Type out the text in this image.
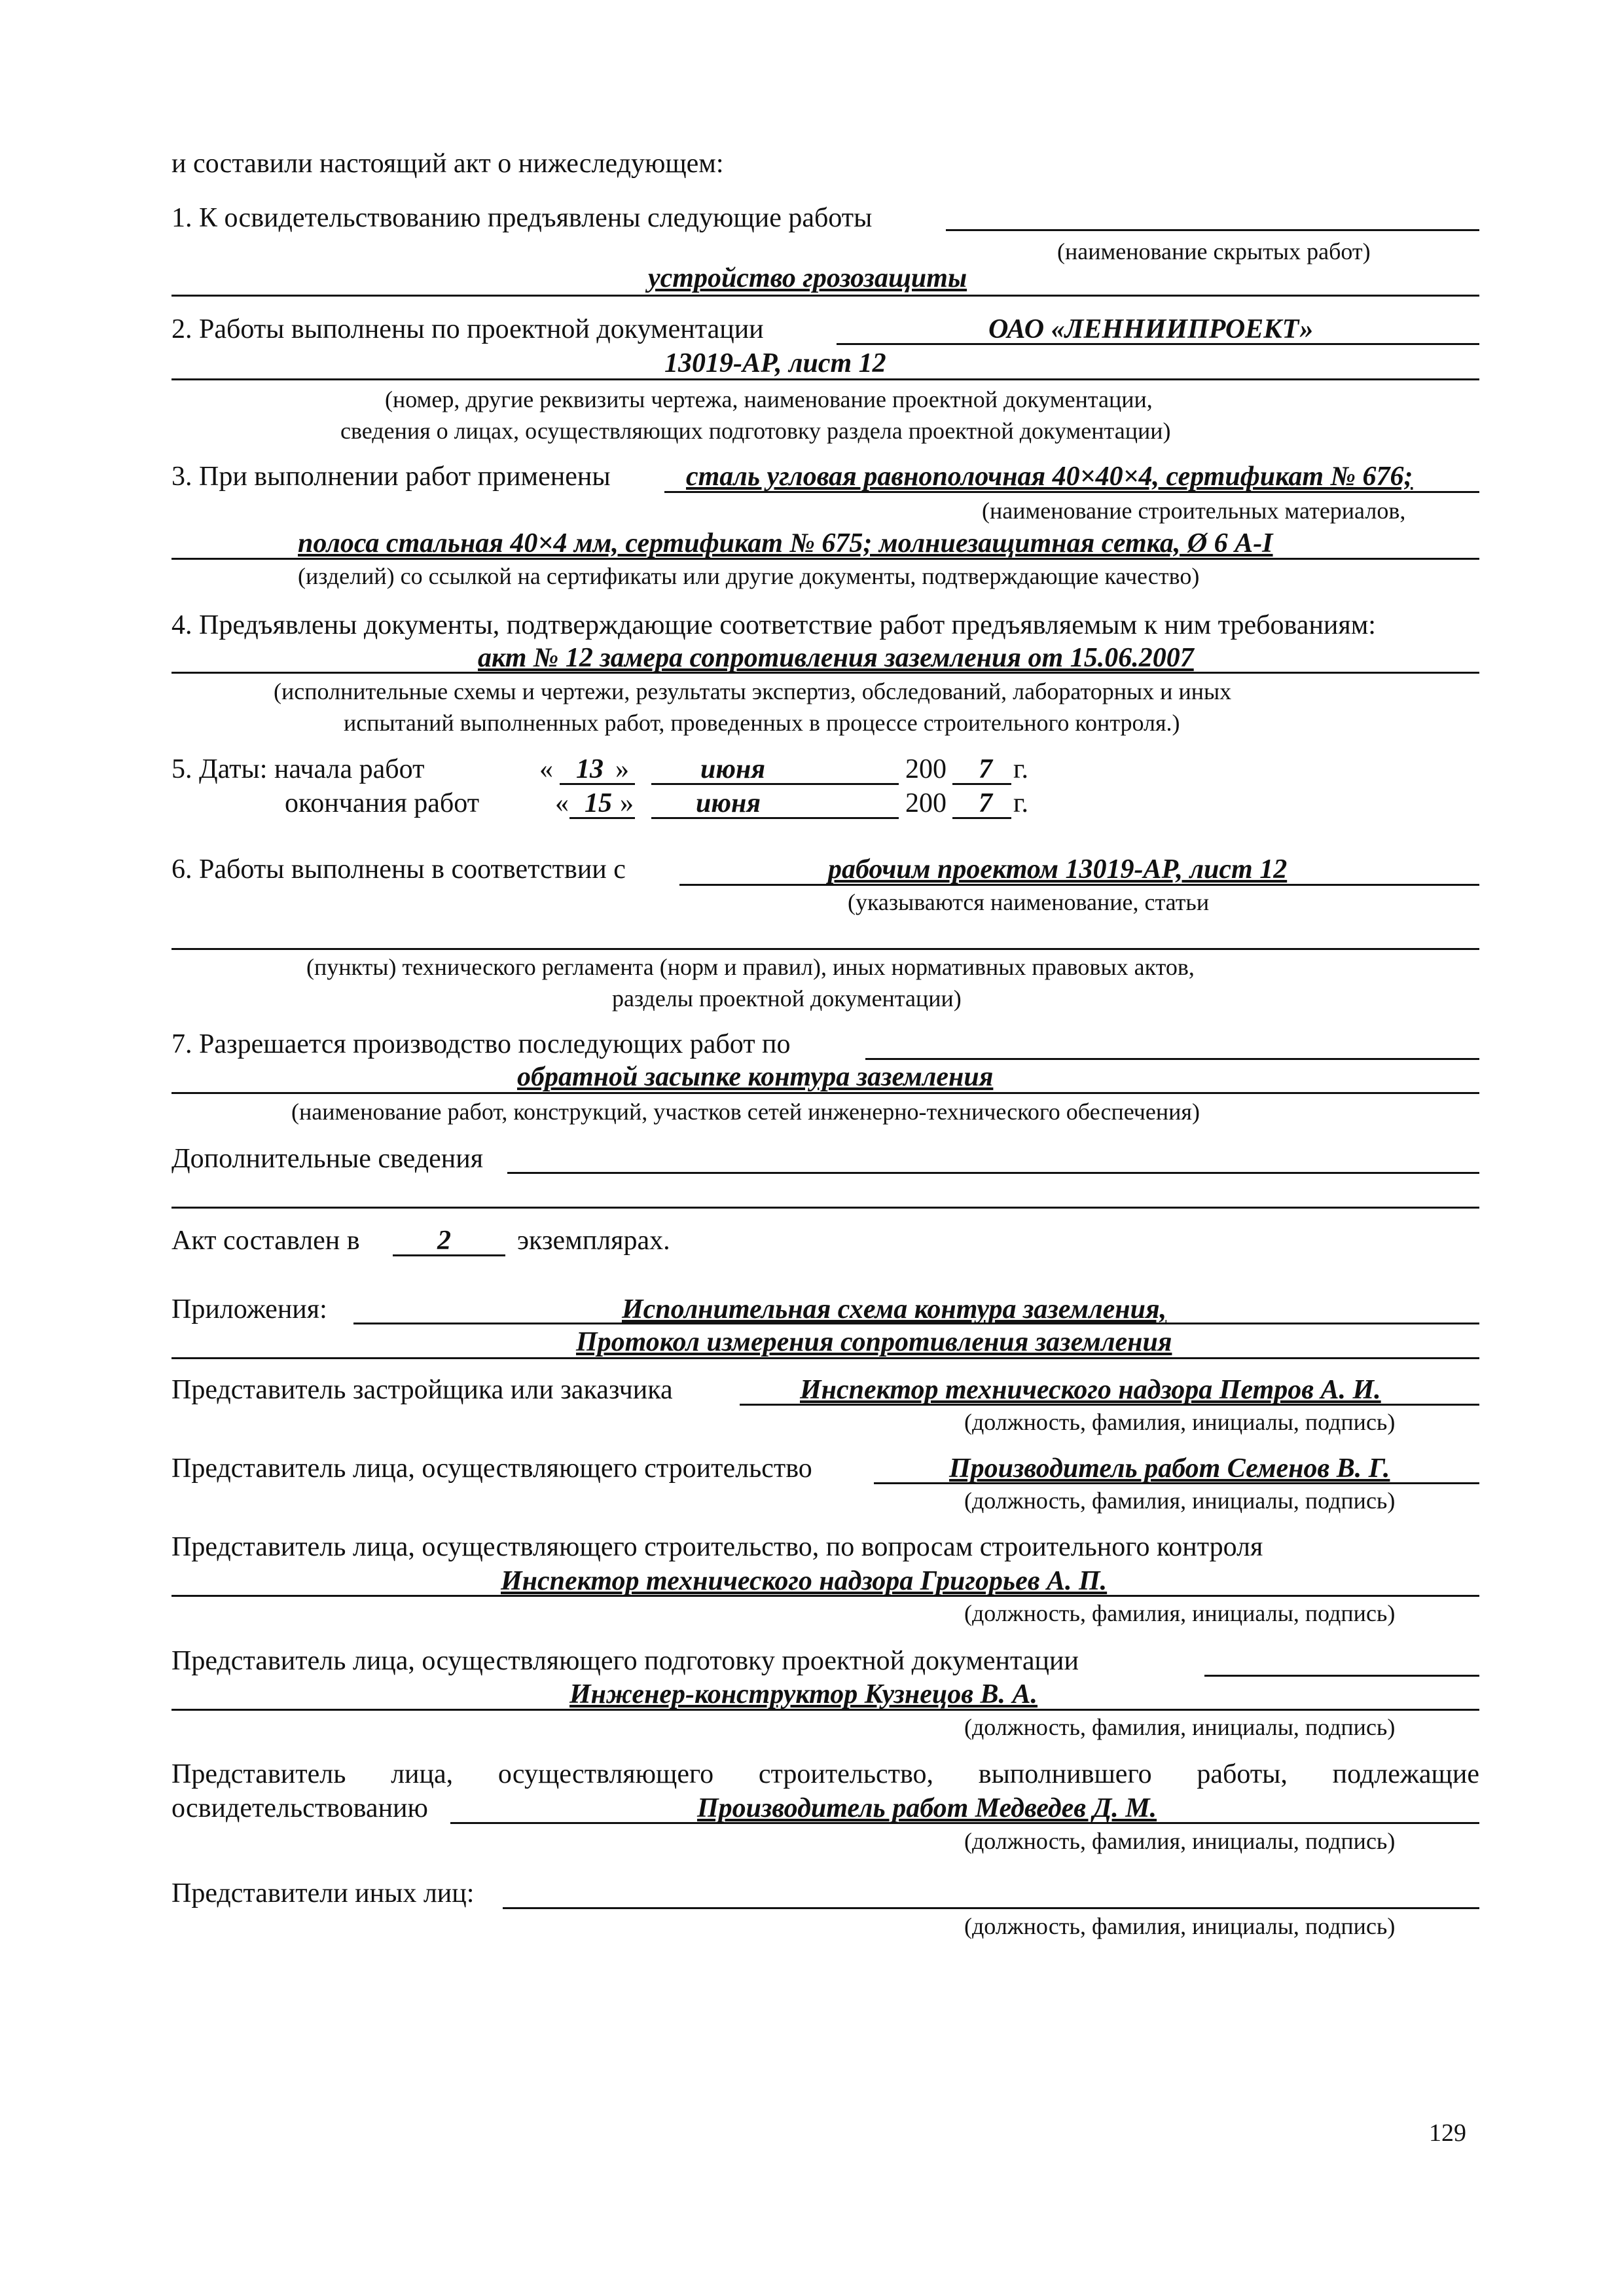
и составили настоящий акт о нижеследующем:
1. К освидетельствованию предъявлены следующие работы
(наименование скрытых работ)
устройство грозозащиты
2. Работы выполнены по проектной документации	ОАО «ЛЕННИИПРОЕКТ»
13019-АР, лист 12
(номер, другие реквизиты чертежа, наименование проектной документации,
сведения о лицах, осуществляющих подготовку раздела проектной документации)
3. При выполнении работ применены	сталь угловая равнополочная 40×40×4, сертификат № 676;
(наименование строительных материалов,
полоса стальная 40×4 мм, сертификат № 675; молниезащитная сетка, Ø 6 А-I
(изделий) со ссылкой на сертификаты или другие документы, подтверждающие качество)
4. Предъявлены документы, подтверждающие соответствие работ предъявляемым к ним требованиям:
акт № 12 замера сопротивления заземления от 15.06.2007
(исполнительные схемы и чертежи, результаты экспертиз, обследований, лабораторных и иных
испытаний выполненных работ, проведенных в процессе строительного контроля.)
5. Даты: начала работ	« 13 »	июня	200 7 г.
окончания работ	« 15 » июня	200 7 г.
6. Работы выполнены в соответствии с	рабочим проектом 13019-АР, лист 12
(указываются наименование, статьи
(пункты) технического регламента (норм и правил), иных нормативных правовых актов,
разделы проектной документации)
7. Разрешается производство последующих работ по
обратной засыпке контура заземления
(наименование работ, конструкций, участков сетей инженерно-технического обеспечения)
Дополнительные сведения
Акт составлен в	2 экземплярах.
Приложения:	Исполнительная схема контура заземления,
Протокол измерения сопротивления заземления
Представитель застройщика или заказчика	Инспектор технического надзора Петров А. И.
(должность, фамилия, инициалы, подпись)
Представитель лица, осуществляющего строительство	Производитель работ Семенов В. Г.
(должность, фамилия, инициалы, подпись)
Представитель лица, осуществляющего строительство, по вопросам строительного контроля
Инспектор технического надзора Григорьев А. П.
(должность, фамилия, инициалы, подпись)
Представитель лица, осуществляющего подготовку проектной документации
Инженер-конструктор Кузнецов В. А.
(должность, фамилия, инициалы, подпись)
Представитель лица, осуществляющего строительство, выполнившего работы, подлежащие
освидетельствованию	Производитель работ Медведев Д. М.
(должность, фамилия, инициалы, подпись)
Представители иных лиц:
(должность, фамилия, инициалы, подпись)
129
